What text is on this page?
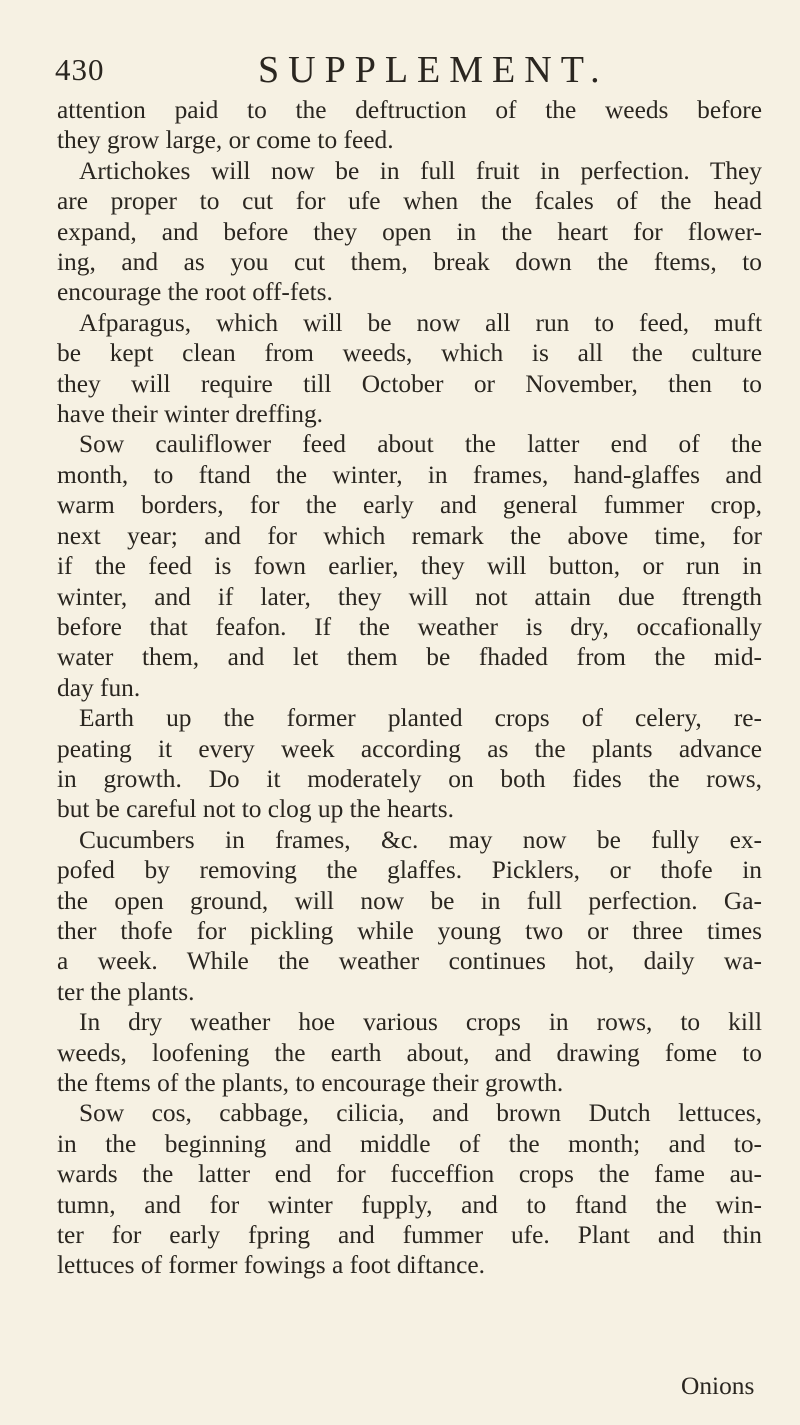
430	SUPPLEMENT.
attention paid to the deftruction of the weeds before
they grow large, or come to feed.
Artichokes will now be in full fruit in perfection. They
are proper to cut for ufe when the fcales of the head
expand, and before they open in the heart for flower-
ing, and as you cut them, break down the ftems, to
encourage the root off-fets.
Afparagus, which will be now all run to feed, muft
be kept clean from weeds, which is all the culture
they will require till October or November, then to
have their winter dreffing.
Sow cauliflower feed about the latter end of the
month, to ftand the winter, in frames, hand-glaffes and
warm borders, for the early and general fummer crop,
next year; and for which remark the above time, for
if the feed is fown earlier, they will button, or run in
winter, and if later, they will not attain due ftrength
before that feafon. If the weather is dry, occafionally
water them, and let them be fhaded from the mid-
day fun.
Earth up the former planted crops of celery, re-
peating it every week according as the plants advance
in growth. Do it moderately on both fides the rows,
but be careful not to clog up the hearts.
Cucumbers in frames, &c. may now be fully ex-
pofed by removing the glaffes. Picklers, or thofe in
the open ground, will now be in full perfection. Ga-
ther thofe for pickling while young two or three times
a week. While the weather continues hot, daily wa-
ter the plants.
In dry weather hoe various crops in rows, to kill
weeds, loofening the earth about, and drawing fome to
the ftems of the plants, to encourage their growth.
Sow cos, cabbage, cilicia, and brown Dutch lettuces,
in the beginning and middle of the month; and to-
wards the latter end for fucceffion crops the fame au-
tumn, and for winter fupply, and to ftand the win-
ter for early fpring and fummer ufe. Plant and thin
lettuces of former fowings a foot diftance.
Onions
